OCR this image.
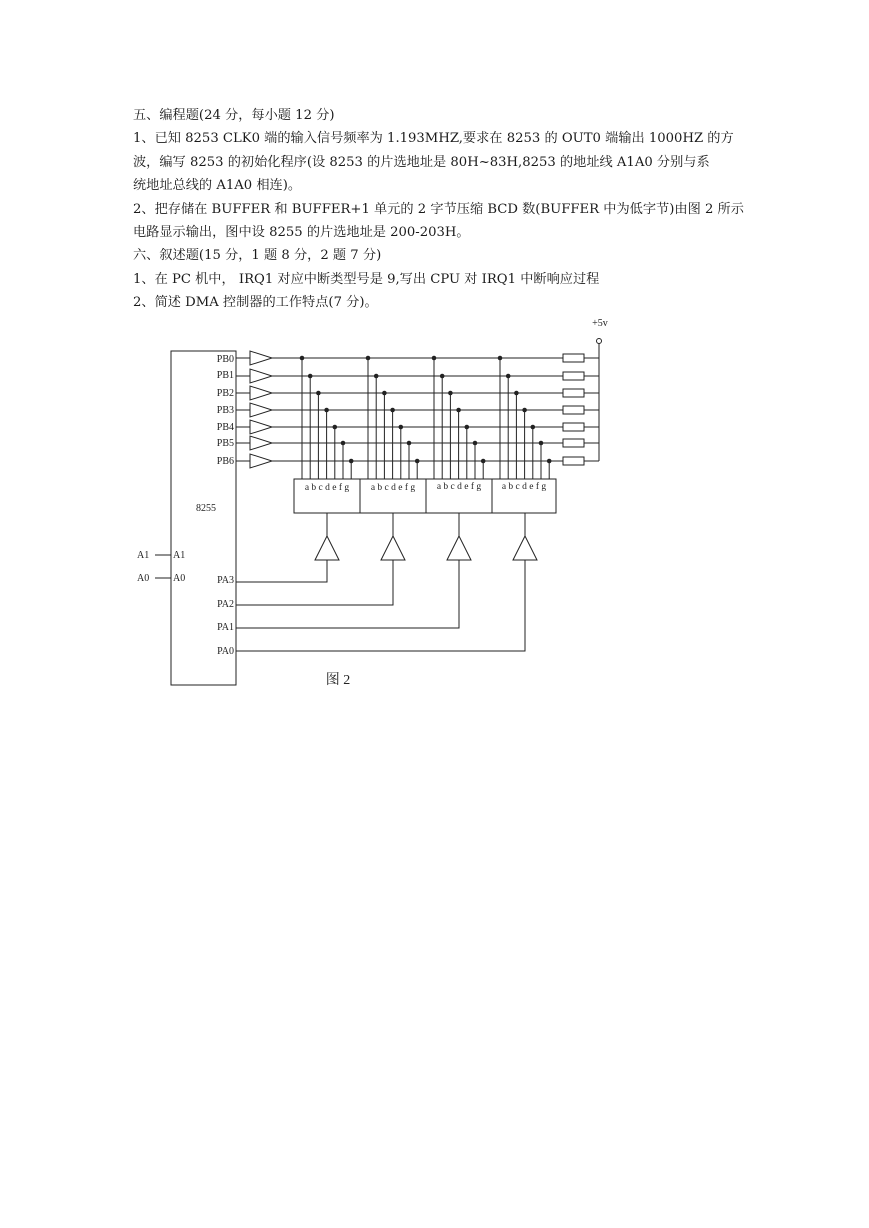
五、编程题(24 分，每小题 12 分)
1、已知 8253 CLK0 端的输入信号频率为 1.193MHZ,要求在 8253 的 OUT0 端输出 1000HZ 的方
波，编写 8253 的初始化程序(设 8253 的片选地址是 80H~83H,8253 的地址线 A1A0 分别与系
统地址总线的 A1A0 相连)。
2、把存储在 BUFFER 和 BUFFER+1 单元的 2 字节压缩 BCD 数(BUFFER 中为低字节)由图 2 所示
电路显示输出，图中设 8255 的片选地址是 200-203H。
六、叙述题(15 分，1 题 8 分，2 题 7 分)
1、在 PC 机中， IRQ1 对应中断类型号是 9,写出 CPU 对 IRQ1 中断响应过程
2、简述 DMA 控制器的工作特点(7 分)。
8255
+5v
PB0
PB1
PB2
PB3
PB4
PB5
PB6
PA3
PA2
PA1
PA0
A1 A1
A0 A0
a b c d e f g a b c d e f g a b c d e f g a b c d e f g
图 2
